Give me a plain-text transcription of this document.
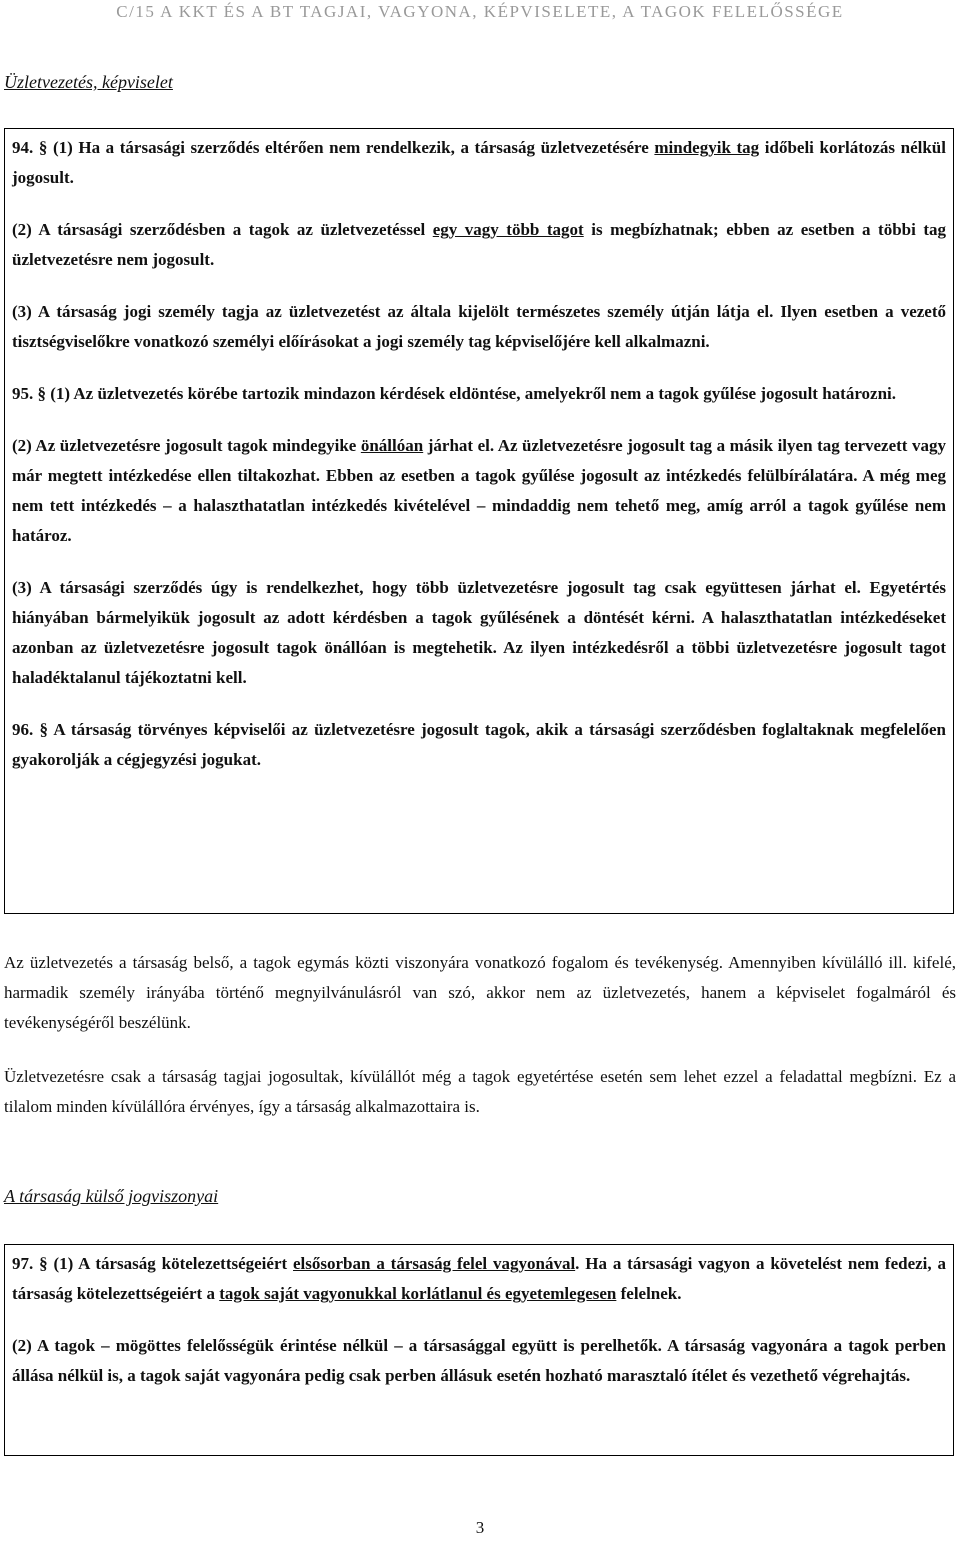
C/15 A KKT ÉS A BT TAGJAI, VAGYONA, KÉPVISELETE, A TAGOK FELELŐSSÉGE
Üzletvezetés, képviselet

94. § (1) Ha a társasági szerződés eltérően nem rendelkezik, a társaság üzletvezetésére mindegyik tag időbeli korlátozás nélkül jogosult.

(2) A társasági szerződésben a tagok az üzletvezetéssel egy vagy több tagot is megbízhatnak; ebben az esetben a többi tag üzletvezetésre nem jogosult.

(3) A társaság jogi személy tagja az üzletvezetést az általa kijelölt természetes személy útján látja el. Ilyen esetben a vezető tisztségviselőkre vonatkozó személyi előírásokat a jogi személy tag képviselőjére kell alkalmazni.

95. § (1) Az üzletvezetés körébe tartozik mindazon kérdések eldöntése, amelyekről nem a tagok gyűlése jogosult határozni.

(2) Az üzletvezetésre jogosult tagok mindegyike önállóan járhat el. Az üzletvezetésre jogosult tag a másik ilyen tag tervezett vagy már megtett intézkedése ellen tiltakozhat. Ebben az esetben a tagok gyűlése jogosult az intézkedés felülbírálatára. A még meg nem tett intézkedés – a halaszthatatlan intézkedés kivételével – mindaddig nem tehető meg, amíg arról a tagok gyűlése nem határoz.

(3) A társasági szerződés úgy is rendelkezhet, hogy több üzletvezetésre jogosult tag csak együttesen járhat el. Egyetértés hiányában bármelyikük jogosult az adott kérdésben a tagok gyűlésének a döntését kérni. A halaszthatatlan intézkedéseket azonban az üzletvezetésre jogosult tagok önállóan is megtehetik. Az ilyen intézkedésről a többi üzletvezetésre jogosult tagot haladéktalanul tájékoztatni kell.

96. § A társaság törvényes képviselői az üzletvezetésre jogosult tagok, akik a társasági szerződésben foglaltaknak megfelelően gyakorolják a cégjegyzési jogukat.

Az üzletvezetés a társaság belső, a tagok egymás közti viszonyára vonatkozó fogalom és tevékenység. Amennyiben kívülálló ill. kifelé, harmadik személy irányába történő megnyilvánulásról van szó, akkor nem az üzletvezetés, hanem a képviselet fogalmáról és tevékenységéről beszélünk.

Üzletvezetésre csak a társaság tagjai jogosultak, kívülállót még a tagok egyetértése esetén sem lehet ezzel a feladattal megbízni. Ez a tilalom minden kívülállóra érvényes, így a társaság alkalmazottaira is.

A társaság külső jogviszonyai

97. § (1) A társaság kötelezettségeiért elsősorban a társaság felel vagyonával. Ha a társasági vagyon a követelést nem fedezi, a társaság kötelezettségeiért a tagok saját vagyonukkal korlátlanul és egyetemlegesen felelnek.

(2) A tagok – mögöttes felelősségük érintése nélkül – a társasággal együtt is perelhetők. A társaság vagyonára a tagok perben állása nélkül is, a tagok saját vagyonára pedig csak perben állásuk esetén hozható marasztaló ítélet és vezethető végrehajtás.

3
